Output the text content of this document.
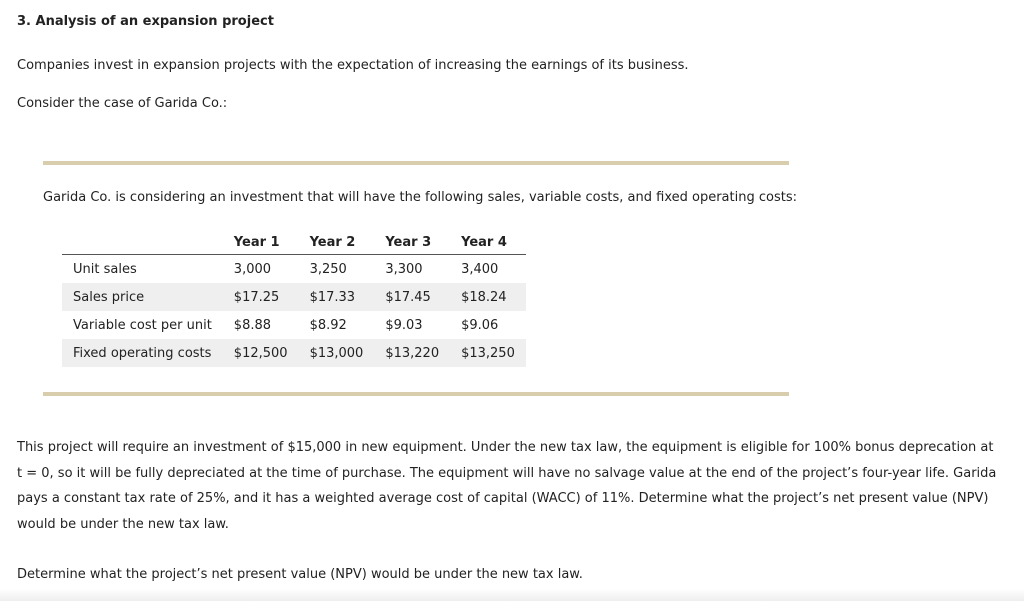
3. Analysis of an expansion project
Companies invest in expansion projects with the expectation of increasing the earnings of its business.
Consider the case of Garida Co.:
Garida Co. is considering an investment that will have the following sales, variable costs, and fixed operating costs:
	Year 1	Year 2	Year 3	Year 4
Unit sales	3,000	3,250	3,300	3,400
Sales price	$17.25	$17.33	$17.45	$18.24
Variable cost per unit	$8.88	$8.92	$9.03	$9.06
Fixed operating costs	$12,500	$13,000	$13,220	$13,250
This project will require an investment of $15,000 in new equipment. Under the new tax law, the equipment is eligible for 100% bonus deprecation at t = 0, so it will be fully depreciated at the time of purchase. The equipment will have no salvage value at the end of the project’s four-year life. Garida pays a constant tax rate of 25%, and it has a weighted average cost of capital (WACC) of 11%. Determine what the project’s net present value (NPV) would be under the new tax law.
Determine what the project’s net present value (NPV) would be under the new tax law.
